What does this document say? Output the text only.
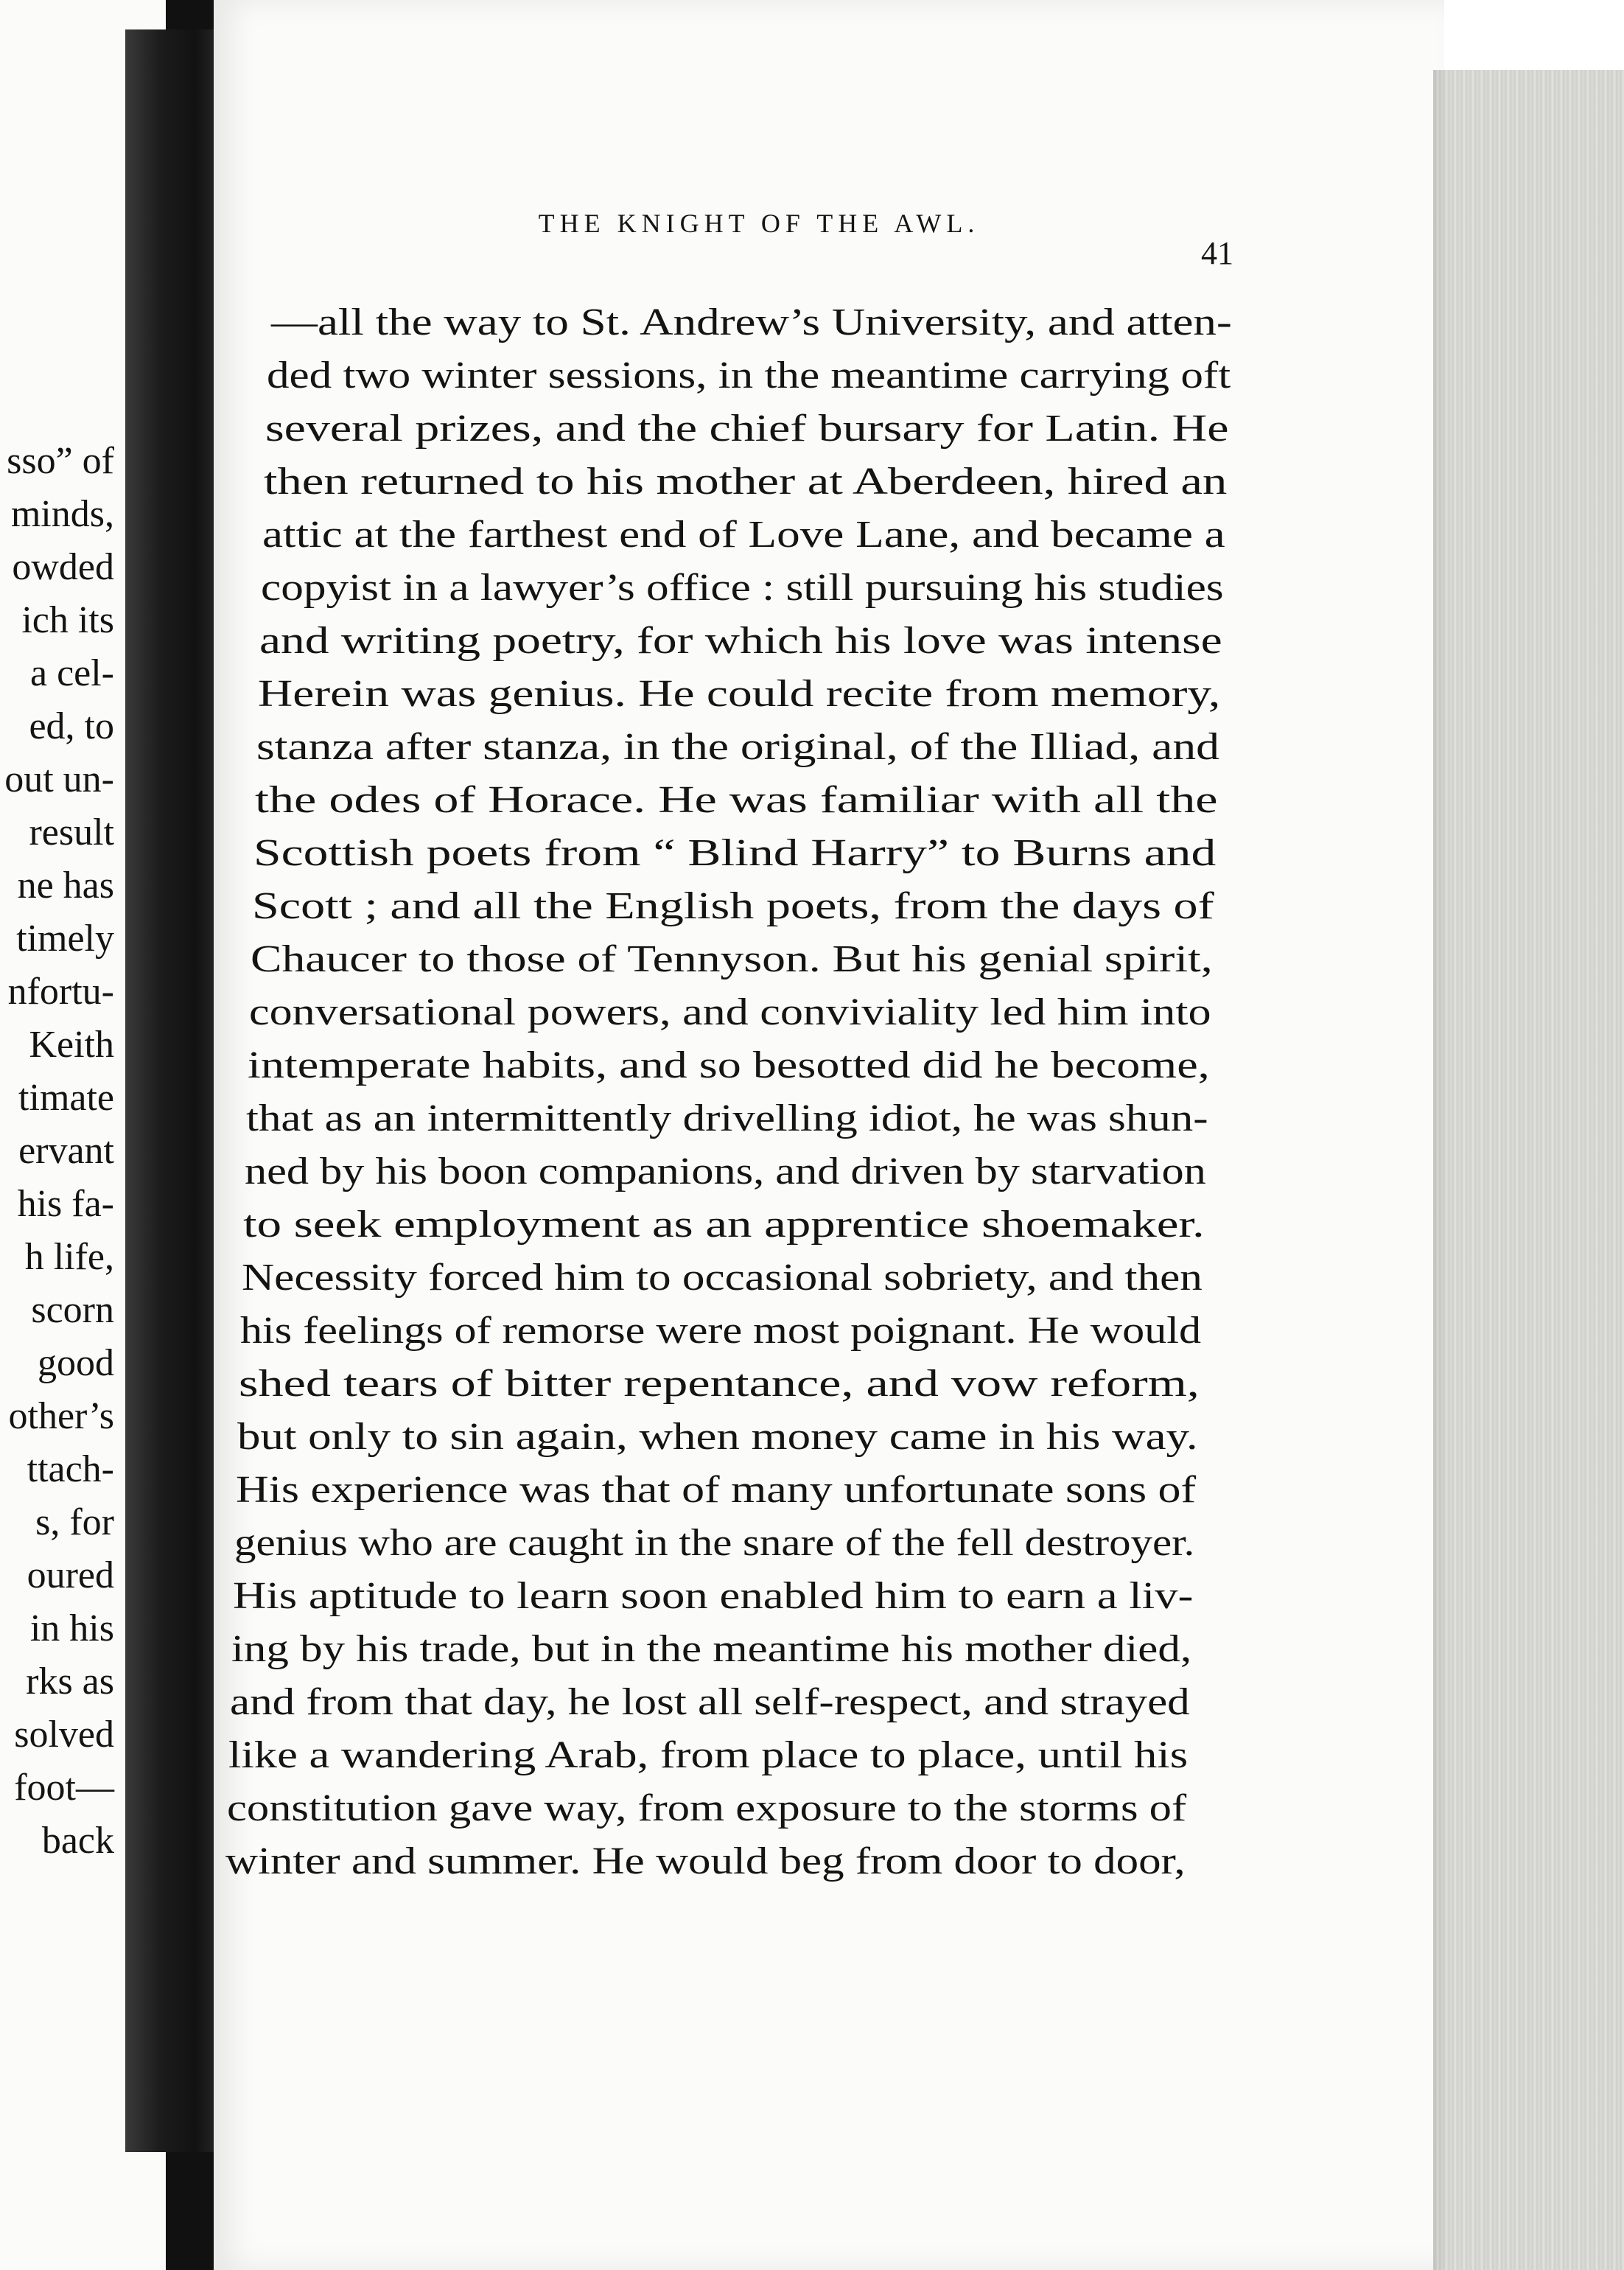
sso” of
minds,
owded
ich its
a cel-
ed, to
out un-
result
ne has
timely
nfortu-
Keith
timate
ervant
his fa-
h life,
scorn
good
other’s
ttach-
s, for
oured
in his
rks as
solved
foot—
back
THE KNIGHT OF THE AWL.
41
—all the way to St. Andrew’s University, and atten-
ded two winter sessions, in the meantime carrying oft
several prizes, and the chief bursary for Latin. He
then returned to his mother at Aberdeen, hired an
attic at the farthest end of Love Lane, and became a
copyist in a lawyer’s office : still pursuing his studies
and writing poetry, for which his love was intense
Herein was genius. He could recite from memory,
stanza after stanza, in the original, of the Illiad, and
the odes of Horace. He was familiar with all the
Scottish poets from “ Blind Harry” to Burns and
Scott ; and all the English poets, from the days of
Chaucer to those of Tennyson. But his genial spirit,
conversational powers, and conviviality led him into
intemperate habits, and so besotted did he become,
that as an intermittently drivelling idiot, he was shun-
ned by his boon companions, and driven by starvation
to seek employment as an apprentice shoemaker.
Necessity forced him to occasional sobriety, and then
his feelings of remorse were most poignant. He would
shed tears of bitter repentance, and vow reform,
but only to sin again, when money came in his way.
His experience was that of many unfortunate sons of
genius who are caught in the snare of the fell destroyer.
His aptitude to learn soon enabled him to earn a liv-
ing by his trade, but in the meantime his mother died,
and from that day, he lost all self-respect, and strayed
like a wandering Arab, from place to place, until his
constitution gave way, from exposure to the storms of
winter and summer. He would beg from door to door,
